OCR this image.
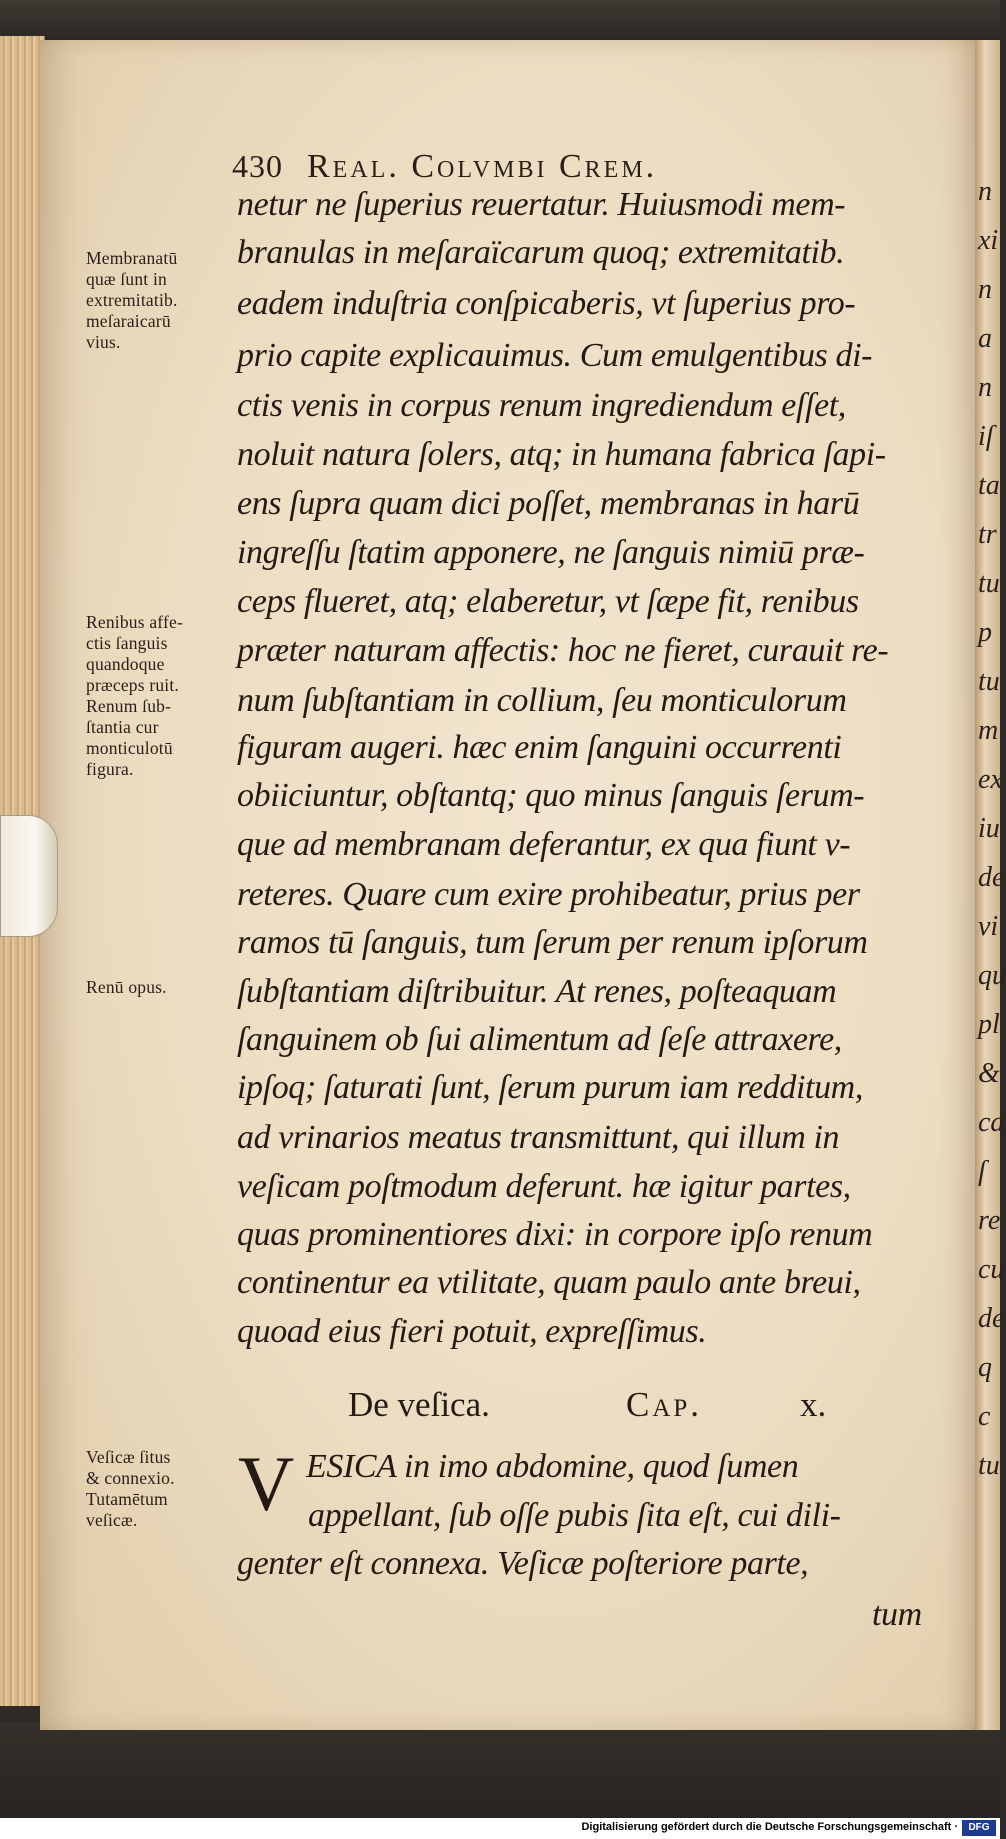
n
xi
n
a
n
iſ
ta
tr
tu
p
tu
m
ex
iu
de
vi
qu
pl
&
ca
ſ
re
cu
de
q
c
tu
430 Real. Colvmbi Crem.
netur ne ſuperius reuertatur. Huiusmodi mem-
branulas in meſaraïcarum quoq; extremitatib.
eadem induſtria conſpicaberis, vt ſuperius pro-
prio capite explicauimus. Cum emulgentibus di-
ctis venis in corpus renum ingrediendum eſſet,
noluit natura ſolers, atq; in humana fabrica ſapi-
ens ſupra quam dici poſſet, membranas in harū
ingreſſu ſtatim apponere, ne ſanguis nimiū præ-
ceps flueret, atq; elaberetur, vt ſæpe fit, renibus
præter naturam affectis: hoc ne fieret, curauit re-
num ſubſtantiam in collium, ſeu monticulorum
figuram augeri. hæc enim ſanguini occurrenti
obiiciuntur, obſtantq; quo minus ſanguis ſerum-
que ad membranam deferantur, ex qua fiunt v-
reteres. Quare cum exire prohibeatur, prius per
ramos tū ſanguis, tum ſerum per renum ipſorum
ſubſtantiam diſtribuitur. At renes, poſteaquam
ſanguinem ob ſui alimentum ad ſeſe attraxere,
ipſoq; ſaturati ſunt, ſerum purum iam redditum,
ad vrinarios meatus transmittunt, qui illum in
veſicam poſtmodum deferunt. hæ igitur partes,
quas prominentiores dixi: in corpore ipſo renum
continentur ea vtilitate, quam paulo ante breui,
quoad eius fieri potuit, expreſſimus.
Membranatū
quæ ſunt in
extremitatib.
meſaraicarū
vius.
Renibus affe-
ctis ſanguis
quandoque
præceps ruit.
Renum ſub-
ſtantia cur
monticulotū
figura.
Renū opus.
Veſicæ ſitus
& connexio.
Tutamētum
veſicæ.
De veſica.	Cap.	x.
V ESICA in imo abdomine, quod ſumen
appellant, ſub oſſe pubis ſita eſt, cui dili-
genter eſt connexa. Veſicæ poſteriore parte,
tum
Digitalisierung gefördert durch die Deutsche Forschungsgemeinschaft ·	DFG
